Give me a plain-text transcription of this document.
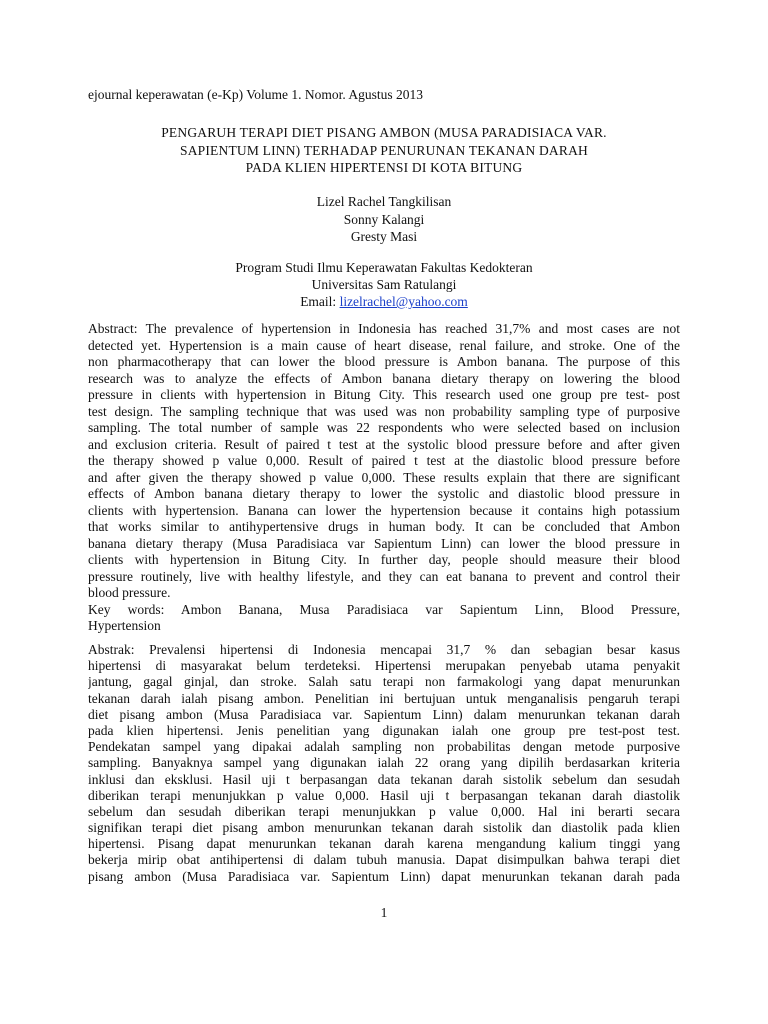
ejournal keperawatan (e-Kp) Volume 1. Nomor. Agustus 2013
PENGARUH TERAPI DIET PISANG AMBON (MUSA PARADISIACA VAR.
SAPIENTUM LINN) TERHADAP PENURUNAN TEKANAN DARAH
PADA KLIEN HIPERTENSI DI KOTA BITUNG
Lizel Rachel Tangkilisan
Sonny Kalangi
Gresty Masi
Program Studi Ilmu Keperawatan Fakultas Kedokteran
Universitas Sam Ratulangi
Email: lizelrachel@yahoo.com
Abstract: The prevalence of hypertension in Indonesia has reached 31,7% and most cases are not
detected yet. Hypertension is a main cause of heart disease, renal failure, and stroke. One of the
non pharmacotherapy that can lower the blood pressure is Ambon banana. The purpose of this
research was to analyze the effects of Ambon banana dietary therapy on lowering the blood
pressure in clients with hypertension in Bitung City. This research used one group pre test- post
test design. The sampling technique that was used was non probability sampling type of purposive
sampling. The total number of sample was 22 respondents who were selected based on inclusion
and exclusion criteria. Result of paired t test at the systolic blood pressure before and after given
the therapy showed p value 0,000. Result of paired t test at the diastolic blood pressure before
and after given the therapy showed p value 0,000. These results explain that there are significant
effects of Ambon banana dietary therapy to lower the systolic and diastolic blood pressure in
clients with hypertension. Banana can lower the hypertension because it contains high potassium
that works similar to antihypertensive drugs in human body. It can be concluded that Ambon
banana dietary therapy (Musa Paradisiaca var Sapientum Linn) can lower the blood pressure in
clients with hypertension in Bitung City. In further day, people should measure their blood
pressure routinely, live with healthy lifestyle, and they can eat banana to prevent and control their
blood pressure.
Key words: Ambon Banana, Musa Paradisiaca var Sapientum Linn, Blood Pressure,
Hypertension
Abstrak: Prevalensi hipertensi di Indonesia mencapai 31,7 % dan sebagian besar kasus
hipertensi di masyarakat belum terdeteksi. Hipertensi merupakan penyebab utama penyakit
jantung, gagal ginjal, dan stroke. Salah satu terapi non farmakologi yang dapat menurunkan
tekanan darah ialah pisang ambon. Penelitian ini bertujuan untuk menganalisis pengaruh terapi
diet pisang ambon (Musa Paradisiaca var. Sapientum Linn) dalam menurunkan tekanan darah
pada klien hipertensi. Jenis penelitian yang digunakan ialah one group pre test-post test.
Pendekatan sampel yang dipakai adalah sampling non probabilitas dengan metode purposive
sampling. Banyaknya sampel yang digunakan ialah 22 orang yang dipilih berdasarkan kriteria
inklusi dan eksklusi. Hasil uji t berpasangan data tekanan darah sistolik sebelum dan sesudah
diberikan terapi menunjukkan p value 0,000. Hasil uji t berpasangan tekanan darah diastolik
sebelum dan sesudah diberikan terapi menunjukkan p value 0,000. Hal ini berarti secara
signifikan terapi diet pisang ambon menurunkan tekanan darah sistolik dan diastolik pada klien
hipertensi. Pisang dapat menurunkan tekanan darah karena mengandung kalium tinggi yang
bekerja mirip obat antihipertensi di dalam tubuh manusia. Dapat disimpulkan bahwa terapi diet
pisang ambon (Musa Paradisiaca var. Sapientum Linn) dapat menurunkan tekanan darah pada
1
